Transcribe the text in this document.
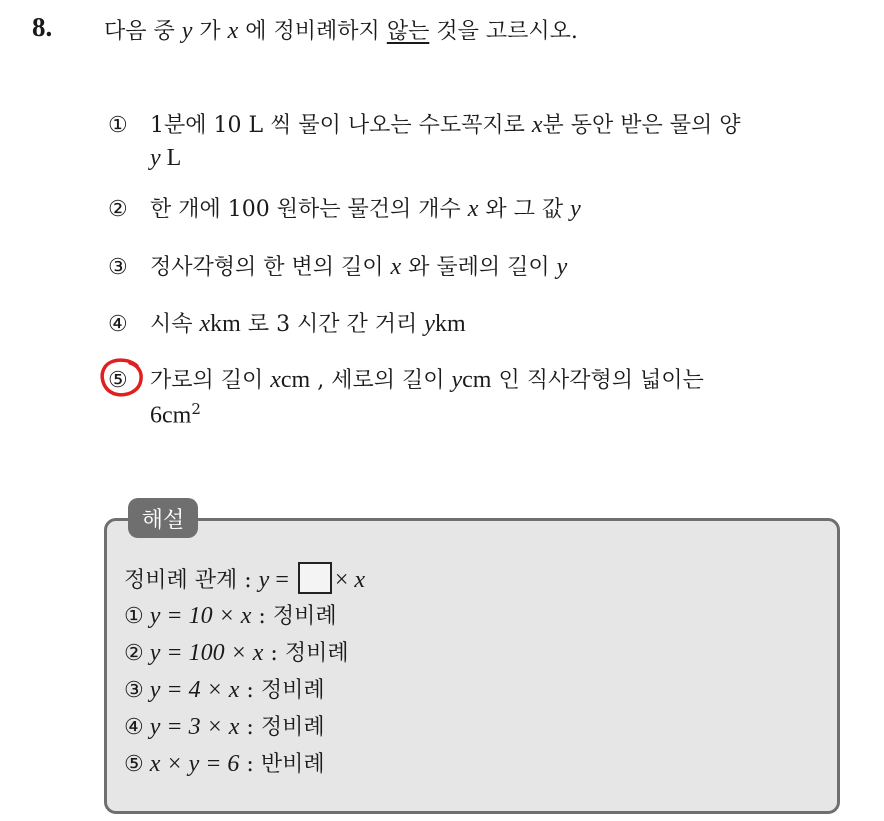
8. 다음 중 y 가 x 에 정비례하지 않는 것을 고르시오.
① 1분에 10 L 씩 물이 나오는 수도꼭지로 x분 동안 받은 물의 양
y L
② 한 개에 100 원하는 물건의 개수 x 와 그 값 y
③ 정사각형의 한 변의 길이 x 와 둘레의 길이 y
④ 시속 xkm 로 3 시간 간 거리 ykm
⑤ 가로의 길이 xcm , 세로의 길이 ycm 인 직사각형의 넓이는
$6cm^2$
해설
정비례 관계 : y = × x
① y = 10 × x : 정비례
② y = 100 × x : 정비례
③ y = 4 × x : 정비례
④ y = 3 × x : 정비례
⑤ x × y = 6 : 반비례
